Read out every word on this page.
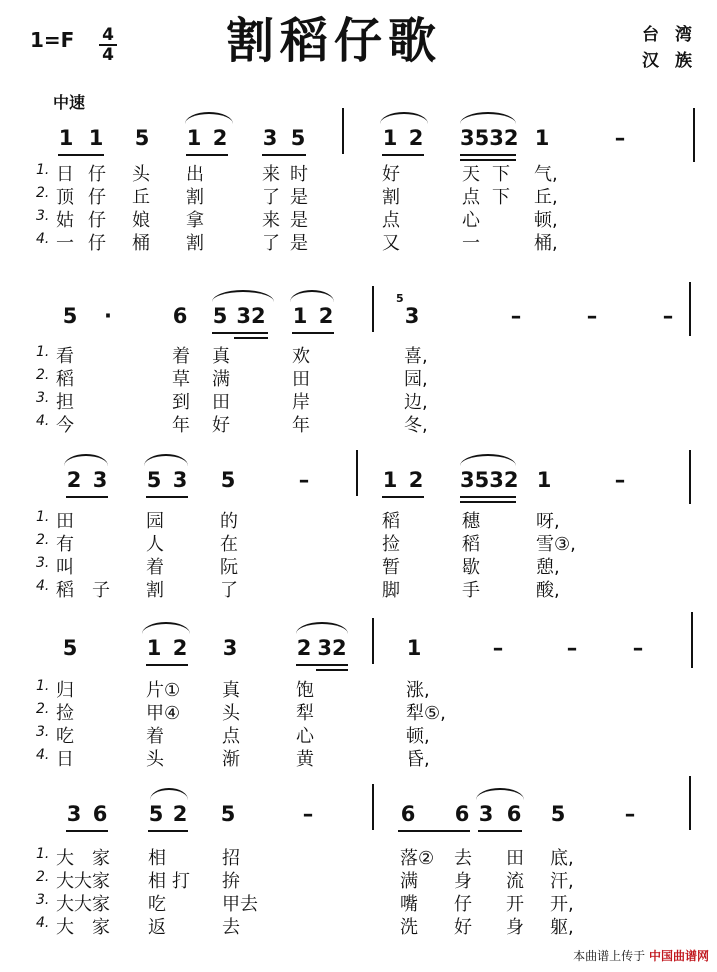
1=F 4
4 割稻仔歌	台湾
汉族
中速
1 1 5 1 2 3 5	1 2 3532 1	–
1.
2.
3.
4.
日 仔 头 出	来 时	好	天 下 气,
顶 仔 丘 割	了 是	割	点 下 丘,
姑 仔 娘 拿	来 是	点	心	顿,
一 仔 桶 割	了 是	又	一	桶,
5 ·	6 5 32 1 2
5
3	–	–	–
1.
2.
3.
4.
看	着 真	欢	喜,
稻	草 满	田	园,
担	到 田	岸	边,
今	年 好	年	冬,
2 3 5 3 5	–	1 2 3532 1	–
1.
2.
3.
4.
田	园	的	稻	穗	呀,
有	人	在	捡	稻	雪③,
叫	着	阮	暂	歇	憩,
稻 子 割	了	脚	手	酸,
5	1 2 3	2 32	1	–	–	–
1.
2.
3.
4.
归	片① 真	饱	涨,
捡	甲④ 头	犁	犁⑤,
吃	着	点	心	顿,
日	头	渐	黄	昏,
3 6 5 2 5	–	6 6 3 6 5	–
1.
2.
3.
4.
大 家 相	招	落② 去 田 底,
大 大 家 相 打 拚	满 身 流 汗,
大 大 家 吃	甲 去	嘴 仔 开 开,
大 家 返	去	洗 好 身 躯,
本曲谱上传于 中国曲谱网
